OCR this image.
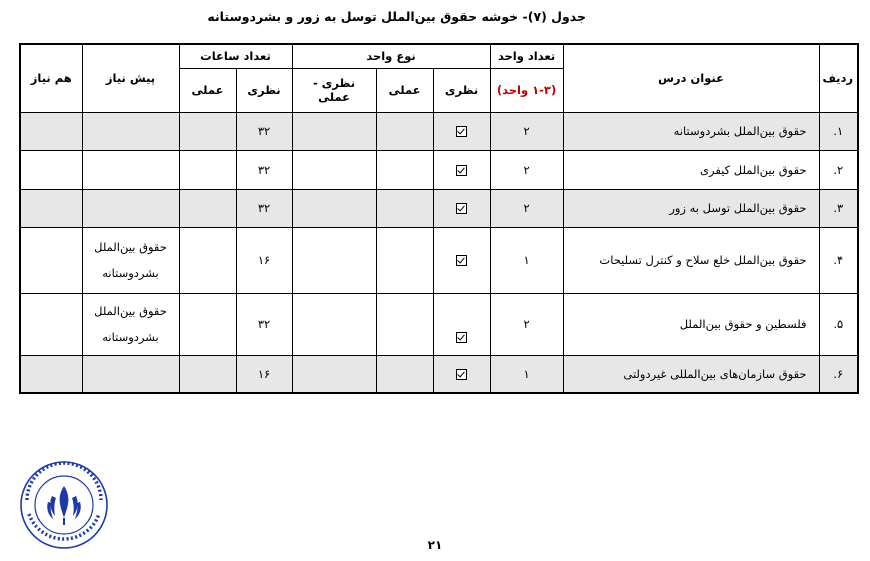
جدول (۷)- خوشه حقوق بین‌الملل توسل به زور و بشردوستانه
ردیف	عنوان درس	تعداد واحد	نوع واحد			تعداد ساعات		پیش نیاز	هم نیاز
		(۱-۳ واحد)	نظری	عملی	نظری - عملی	نظری	عملی		
۱.	حقوق بین‌الملل بشردوستانه	۲				۳۲			
۲.	حقوق بین‌الملل کیفری	۲				۳۲			
۳.	حقوق بین‌الملل توسل به زور	۲				۳۲			
۴.	حقوق بین‌الملل خلع سلاح و کنترل تسلیحات	۱				۱۶		حقوق بین‌الملل
بشردوستانه	

۵.	فلسطین و حقوق بین‌الملل	۲				۳۲		حقوق بین‌الملل
بشردوستانه	

۶.	حقوق سازمان‌های بین‌المللی غیردولتی	۱				۱۶			
۲۱
